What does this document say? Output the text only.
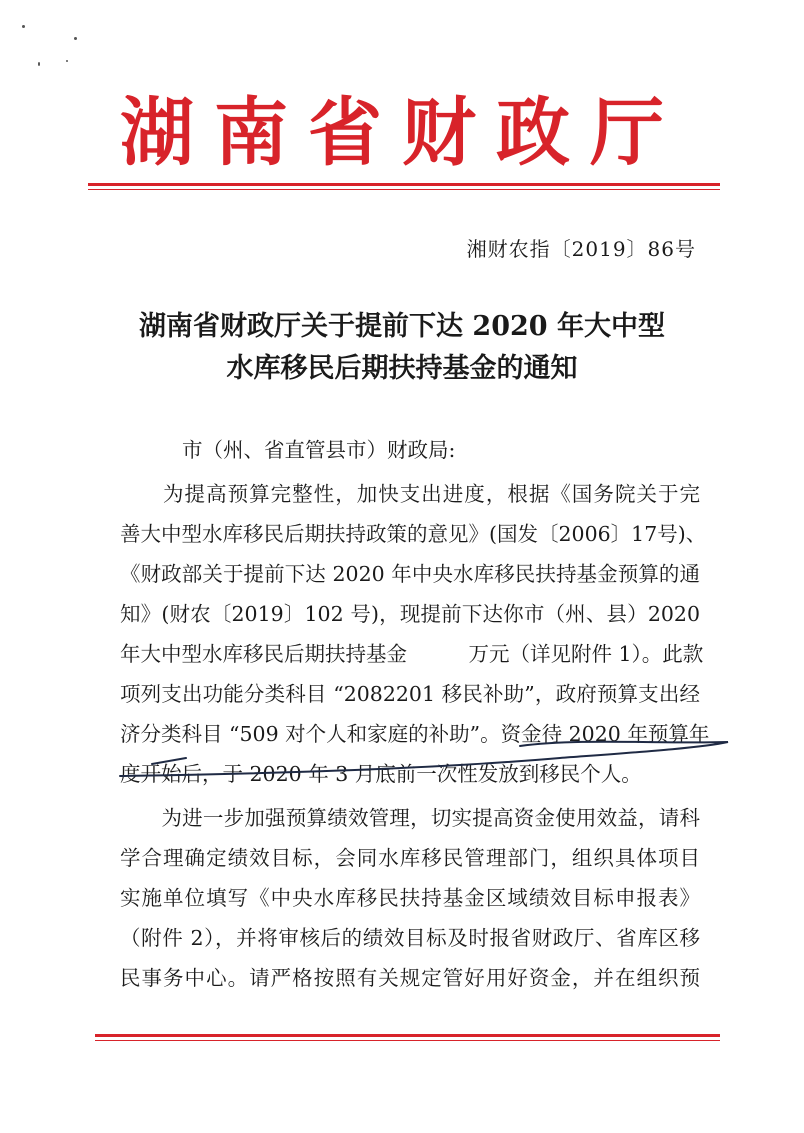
湖南省财政厅
湘财农指〔2019〕86号
湖南省财政厅关于提前下达 2020 年大中型
水库移民后期扶持基金的通知
市（州、省直管县市）财政局:
　　为提高预算完整性，加快支出进度，根据《国务院关于完
善大中型水库移民后期扶持政策的意见》(国发〔2006〕17号)、
《财政部关于提前下达 2020 年中央水库移民扶持基金预算的通
知》(财农〔2019〕102 号)，现提前下达你市（州、县）2020
年大中型水库移民后期扶持基金　　　万元（详见附件 1）。此款
项列支出功能分类科目 “2082201 移民补助”，政府预算支出经
济分类科目 “509 对个人和家庭的补助”。资金待 2020 年预算年
度开始后，于 2020 年 3 月底前一次性发放到移民个人。
　　为进一步加强预算绩效管理，切实提高资金使用效益，请科
学合理确定绩效目标，会同水库移民管理部门，组织具体项目
实施单位填写《中央水库移民扶持基金区域绩效目标申报表》
（附件 2），并将审核后的绩效目标及时报省财政厅、省库区移
民事务中心。请严格按照有关规定管好用好资金，并在组织预
